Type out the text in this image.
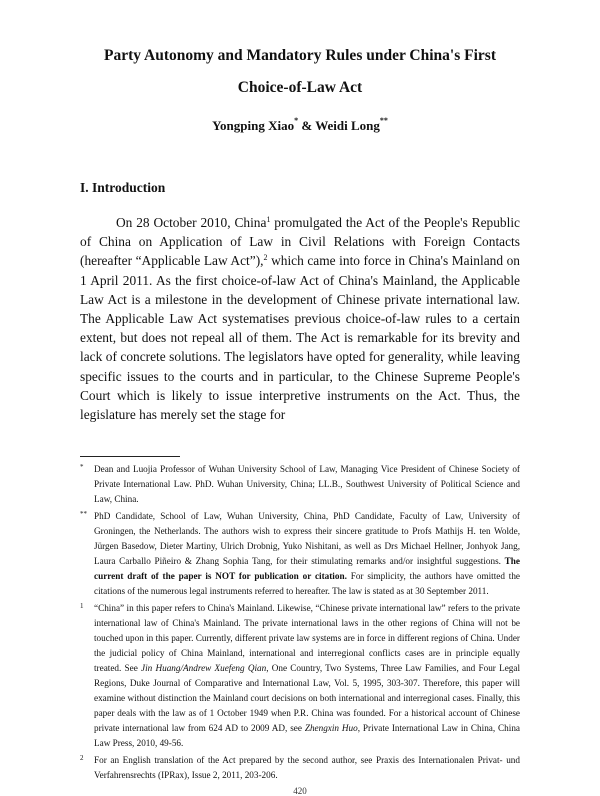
Party Autonomy and Mandatory Rules under China's First
Choice-of-Law Act
Yongping Xiao* & Weidi Long**
I. Introduction

On 28 October 2010, China$^1$ promulgated the Act of the People's Republic of China on Application of Law in Civil Relations with Foreign Contacts (hereafter “Applicable Law Act”),$^2$ which came into force in China's Mainland on 1 April 2011. As the first choice-of-law Act of China's Mainland, the Applicable Law Act is a milestone in the development of Chinese private international law. The Applicable Law Act systematises previous choice-of-law rules to a certain extent, but does not repeal all of them. The Act is remarkable for its brevity and lack of concrete solutions. The legislators have opted for generality, while leaving specific issues to the courts and in particular, to the Chinese Supreme People's Court which is likely to issue interpretive instruments on the Act. Thus, the legislature has merely set the stage for

* Dean and Luojia Professor of Wuhan University School of Law, Managing Vice President of Chinese Society of Private International Law. PhD. Wuhan University, China; LL.B., Southwest University of Political Science and Law, China.

** PhD Candidate, School of Law, Wuhan University, China, PhD Candidate, Faculty of Law, University of Groningen, the Netherlands. The authors wish to express their sincere gratitude to Profs Mathijs H. ten Wolde, Jürgen Basedow, Dieter Martiny, Ulrich Drobnig, Yuko Nishitani, as well as Drs Michael Hellner, Jonhyok Jang, Laura Carballo Piñeiro & Zhang Sophia Tang, for their stimulating remarks and/or insightful suggestions. The current draft of the paper is NOT for publication or citation. For simplicity, the authors have omitted the citations of the numerous legal instruments referred to hereafter. The law is stated as at 30 September 2011.

1 “China” in this paper refers to China's Mainland. Likewise, “Chinese private international law” refers to the private international law of China's Mainland. The private international laws in the other regions of China will not be touched upon in this paper. Currently, different private law systems are in force in different regions of China. Under the judicial policy of China Mainland, international and interregional conflicts cases are in principle equally treated. See Jin Huang/Andrew Xuefeng Qian, One Country, Two Systems, Three Law Families, and Four Legal Regions, Duke Journal of Comparative and International Law, Vol. 5, 1995, 303-307. Therefore, this paper will examine without distinction the Mainland court decisions on both international and interregional cases. Finally, this paper deals with the law as of 1 October 1949 when P.R. China was founded. For a historical account of Chinese private international law from 624 AD to 2009 AD, see Zhengxin Huo, Private International Law in China, China Law Press, 2010, 49-56.

2 For an English translation of the Act prepared by the second author, see Praxis des Internationalen Privat- und Verfahrensrechts (IPRax), Issue 2, 2011, 203-206.

420
